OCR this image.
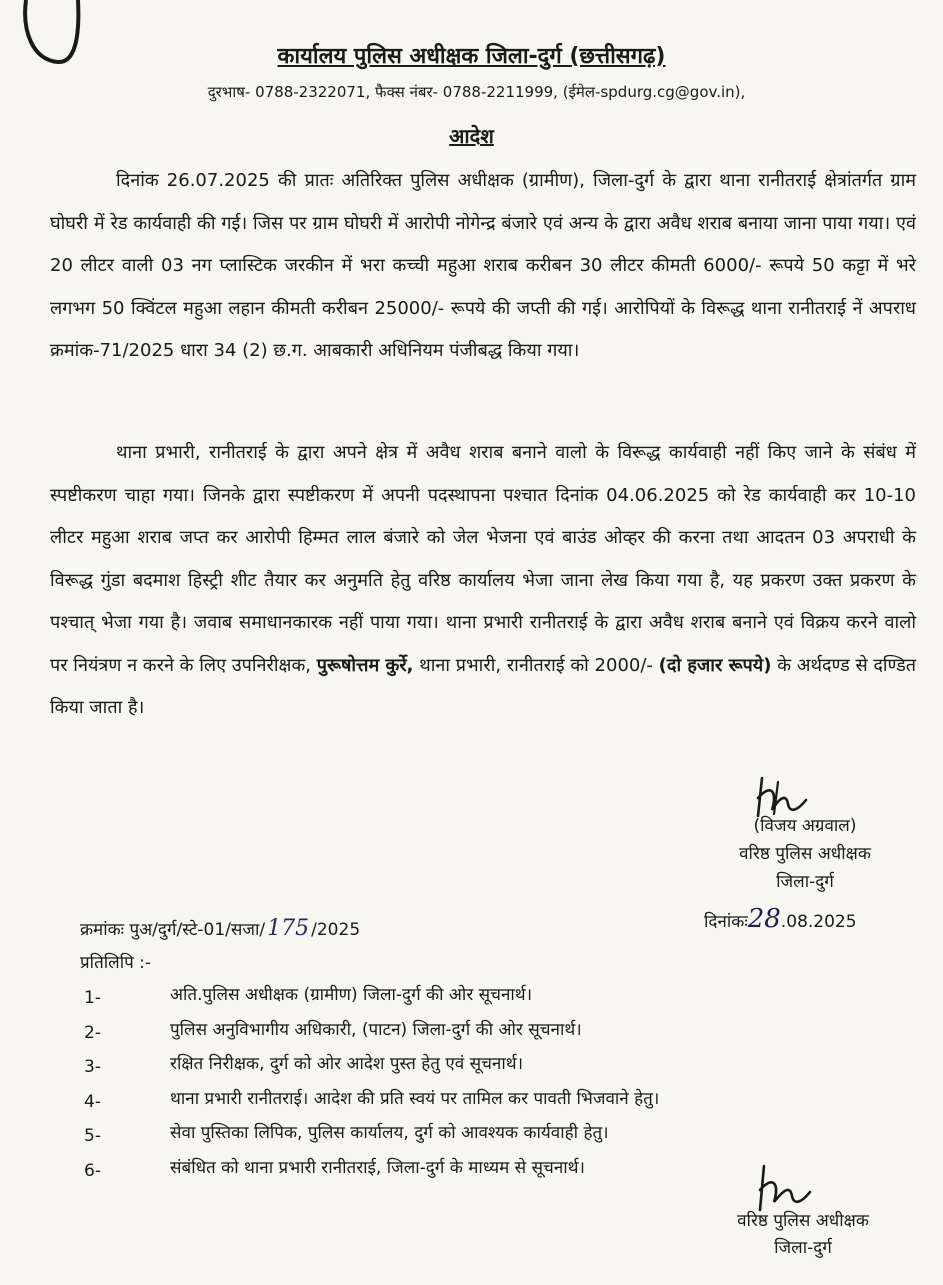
कार्यालय पुलिस अधीक्षक जिला-दुर्ग (छत्तीसगढ़)
दुरभाष- 0788-2322071, फैक्स नंबर- 0788-2211999, (ईमेल-spdurg.cg@gov.in),
आदेश

दिनांक 26.07.2025 की प्रातः अतिरिक्त पुलिस अधीक्षक (ग्रामीण), जिला-दुर्ग के द्वारा थाना रानीतराई क्षेत्रांतर्गत ग्राम घोघरी में रेड कार्यवाही की गई। जिस पर ग्राम घोघरी में आरोपी नोगेन्द्र बंजारे एवं अन्य के द्वारा अवैध शराब बनाया जाना पाया गया। एवं 20 लीटर वाली 03 नग प्लास्टिक जरकीन में भरा कच्ची महुआ शराब करीबन 30 लीटर कीमती 6000/- रूपये 50 कट्टा में भरे लगभग 50 क्विंटल महुआ लहान कीमती करीबन 25000/- रूपये की जप्ती की गई। आरोपियों के विरूद्ध थाना रानीतराई नें अपराध क्रमांक-71/2025 धारा 34 (2) छ.ग. आबकारी अधिनियम पंजीबद्ध किया गया।

थाना प्रभारी, रानीतराई के द्वारा अपने क्षेत्र में अवैध शराब बनाने वालो के विरूद्ध कार्यवाही नहीं किए जाने के संबंध में स्पष्टीकरण चाहा गया। जिनके द्वारा स्पष्टीकरण में अपनी पदस्थापना पश्चात दिनांक 04.06.2025 को रेड कार्यवाही कर 10-10 लीटर महुआ शराब जप्त कर आरोपी हिम्मत लाल बंजारे को जेल भेजना एवं बाउंड ओव्हर की करना तथा आदतन 03 अपराधी के विरूद्ध गुंडा बदमाश हिस्ट्री शीट तैयार कर अनुमति हेतु वरिष्ठ कार्यालय भेजा जाना लेख किया गया है, यह प्रकरण उक्त प्रकरण के पश्चात् भेजा गया है। जवाब समाधानकारक नहीं पाया गया। थाना प्रभारी रानीतराई के द्वारा अवैध शराब बनाने एवं विक्रय करने वालो पर नियंत्रण न करने के लिए उपनिरीक्षक, पुरूषोत्तम कुर्रे, थाना प्रभारी, रानीतराई को 2000/- (दो हजार रूपये) के अर्थदण्ड से दण्डित किया जाता है।

(विजय अग्रवाल)
वरिष्ठ पुलिस अधीक्षक
जिला-दुर्ग
क्रमांकः पुअ/दुर्ग/स्टे-01/सजा/175 /2025	दिनांकः28.08.2025
प्रतिलिपि :-
1-	अति.पुलिस अधीक्षक (ग्रामीण) जिला-दुर्ग की ओर सूचनार्थ।
2-	पुलिस अनुविभागीय अधिकारी, (पाटन) जिला-दुर्ग की ओर सूचनार्थ।
3-	रक्षित निरीक्षक, दुर्ग को ओर आदेश पुस्त हेतु एवं सूचनार्थ।
4-	थाना प्रभारी रानीतराई। आदेश की प्रति स्वयं पर तामिल कर पावती भिजवाने हेतु।
5-	सेवा पुस्तिका लिपिक, पुलिस कार्यालय, दुर्ग को आवश्यक कार्यवाही हेतु।
6-	संबंधित को थाना प्रभारी रानीतराई, जिला-दुर्ग के माध्यम से सूचनार्थ।
वरिष्ठ पुलिस अधीक्षक
जिला-दुर्ग
